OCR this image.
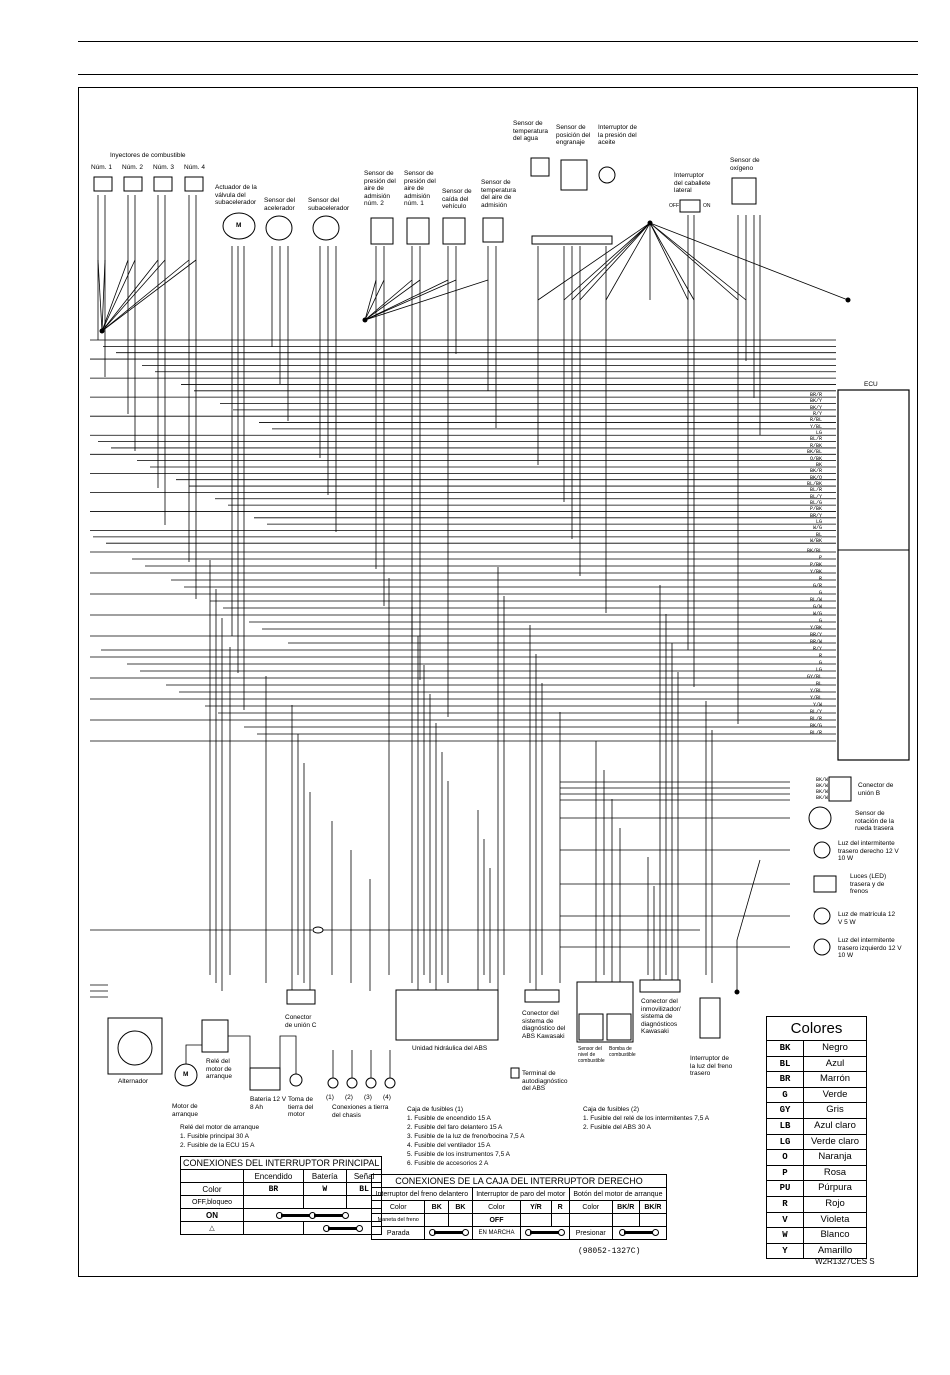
Inyectores de combustible
Núm. 1 Núm. 2 Núm. 3 Núm. 4
Actuador de la válvula del subacelerador	Sensor del acelerador
Sensor del subacelerador
Sensor de presión del aire de admisión núm. 2
Sensor de presión del aire de admisión núm. 1
Sensor de caída del vehículo
Sensor de temperatura del aire de admisión
Sensor de temperatura del agua
Sensor de posición del engranaje
Interruptor de la presión del aceite
Interruptor del caballete lateral
OFF	ON
Sensor de oxígeno
ECU
M
M
Conector de unión B
Sensor de rotación de la rueda trasera
Luz del intermitente trasero derecho 12 V 10 W
Luces (LED) trasera y de frenos
Luz de matrícula 12 V 5 W
Luz del intermitente trasero izquierdo 12 V 10 W
Alternador
Motor de arranque
Relé del motor de arranque
Batería 12 V 8 Ah
Toma de tierra del motor
Conector de unión C
(1) (2) (3) (4)
Conexiones a tierra del chasis
Unidad hidráulica del ABS
Conector del sistema de diagnóstico del ABS Kawasaki
Terminal de autodiagnóstico del ABS
Sensor del nivel de combustible
Bomba de combustible
Conector del inmovilizador/ sistema de diagnósticos Kawasaki
Interruptor de la luz del freno trasero
BR/R
BK/Y
BK/Y
R/Y
R/BL
Y/BL
LG
BL/R
R/BK
BK/BL
O/BK
BK
BK/R
BK/O
BL/BK
BL/R
BL/Y
BL/G
P/BK
BR/Y
LG
W/G
BL
W/BK
BK/BL
P
P/BK
Y/BK
R
G/R
G
BL/W
G/W
W/G
G
Y/BK
BR/Y
BR/W
R/Y
R
G
LG
GY/BL
BL
Y/BL
Y/BL
Y/W
BL/Y
BL/R
BK/G
BL/R
BK/W
BK/W
BK/W
BK/W
Relé del motor de arranque
1. Fusible principal 30 A
2. Fusible de la ECU 15 A
Caja de fusibles (1)
1. Fusible de encendido 15 A
2. Fusible del faro delantero 15 A
3. Fusible de la luz de freno/bocina 7,5 A
4. Fusible del ventilador 15 A
5. Fusible de los instrumentos 7,5 A
6. Fusible de accesorios 2 A
Caja de fusibles (2)
1. Fusible del relé de los intermitentes 7,5 A
2. Fusible del ABS 30 A
CONEXIONES DEL INTERRUPTOR PRINCIPAL			
	Encendido	Batería	Señal
Color	BR	W	BL
OFF,bloqueo			
ON			
△			
CONEXIONES DE LA CAJA DEL INTERRUPTOR DERECHO								
Interruptor del freno delantero			Interruptor de paro del motor			Botón del motor de arranque		
Color	BK	BK	Color	Y/R	R	Color	BK/R	BK/R
Maneta del freno			OFF					
Parada			EN MARCHA			Presionar		
(98052-1327C)
Colores
BK	Negro
BL	Azul
BR	Marrón
G	Verde
GY	Gris
LB	Azul claro
LG	Verde claro
O	Naranja
P	Rosa
PU	Púrpura
R	Rojo
V	Violeta
W	Blanco
Y	Amarillo
W2R1327CES S
